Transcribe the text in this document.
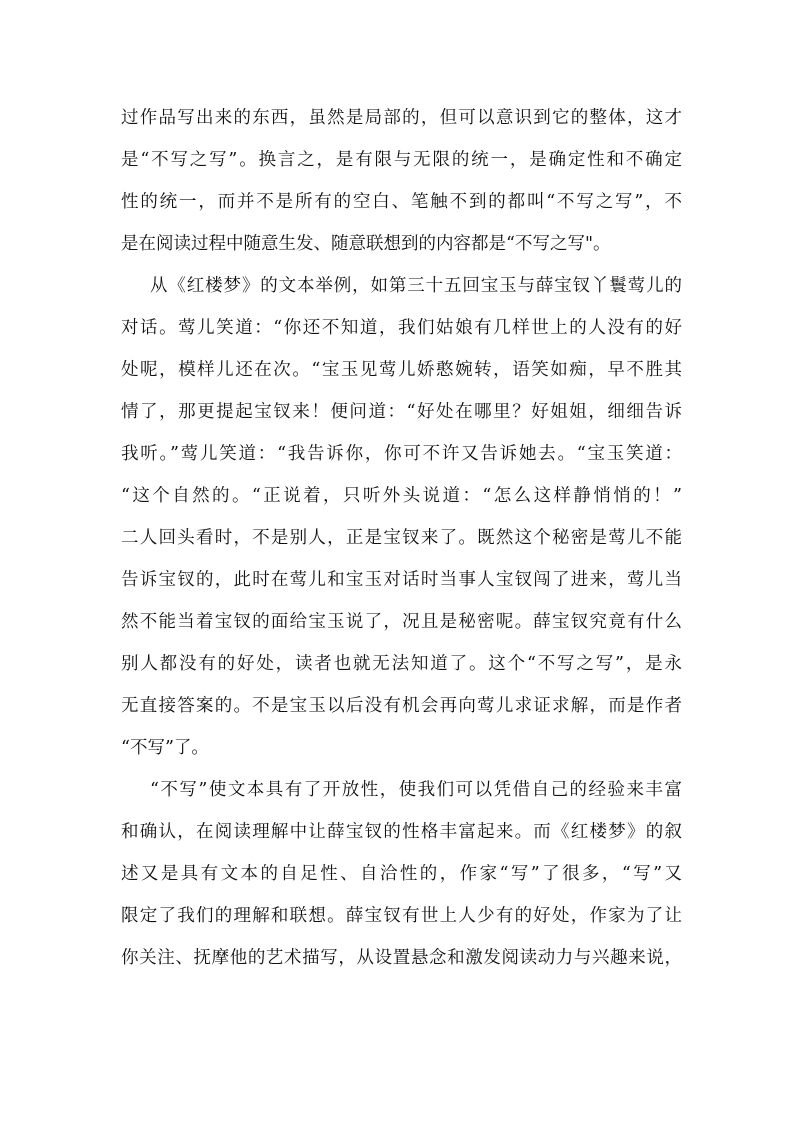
过作品写出来的东西，虽然是局部的，但可以意识到它的整体，这才
是“不写之写”。换言之，是有限与无限的统一，是确定性和不确定
性的统一，而并不是所有的空白、笔触不到的都叫“不写之写”，不
是在阅读过程中随意生发、随意联想到的内容都是“不写之写"。
从《红楼梦》的文本举例，如第三十五回宝玉与薛宝钗丫鬟莺儿的
对话。莺儿笑道：“你还不知道，我们姑娘有几样世上的人没有的好
处呢，模样儿还在次。“宝玉见莺儿娇憨婉转，语笑如痴，早不胜其
情了，那更提起宝钗来！便问道：“好处在哪里？好姐姐，细细告诉
我听。”莺儿笑道：“我告诉你，你可不许又告诉她去。“宝玉笑道：
“这个自然的。“正说着，只听外头说道：“怎么这样静悄悄的！”
二人回头看时，不是别人，正是宝钗来了。既然这个秘密是莺儿不能
告诉宝钗的，此时在莺儿和宝玉对话时当事人宝钗闯了进来，莺儿当
然不能当着宝钗的面给宝玉说了，况且是秘密呢。薛宝钗究竟有什么
别人都没有的好处，读者也就无法知道了。这个“不写之写”，是永
无直接答案的。不是宝玉以后没有机会再向莺儿求证求解，而是作者
“不写”了。
“不写”使文本具有了开放性，使我们可以凭借自己的经验来丰富
和确认，在阅读理解中让薛宝钗的性格丰富起来。而《红楼梦》的叙
述又是具有文本的自足性、自洽性的，作家“写”了很多，“写”又
限定了我们的理解和联想。薛宝钗有世上人少有的好处，作家为了让
你关注、抚摩他的艺术描写，从设置悬念和激发阅读动力与兴趣来说，
